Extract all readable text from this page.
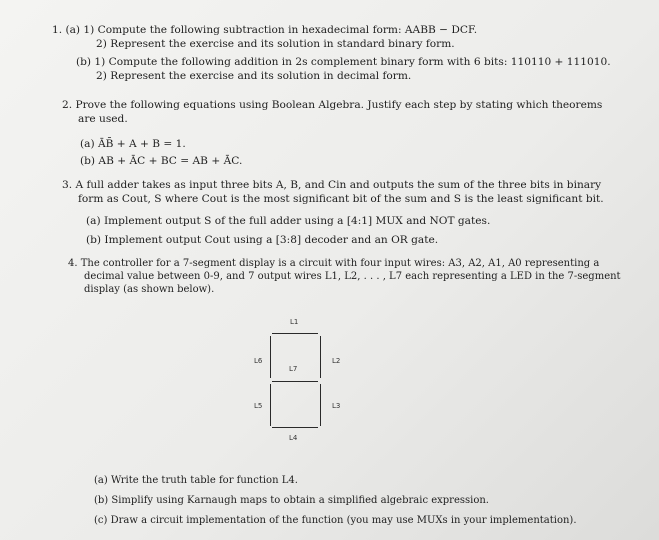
1. (a) 1) Compute the following subtraction in hexadecimal form: AABB − DCF.
2) Represent the exercise and its solution in standard binary form.
(b) 1) Compute the following addition in 2s complement binary form with 6 bits: 110110 + 111010.
2) Represent the exercise and its solution in decimal form.
2. Prove the following equations using Boolean Algebra. Justify each step by stating which theorems
are used.
(a) ĀB̄ + A + B = 1.
(b) AB + ĀC + BC = AB + ĀC.
3. A full adder takes as input three bits A, B, and Cin and outputs the sum of the three bits in binary
form as Cout, S where Cout is the most significant bit of the sum and S is the least significant bit.
(a) Implement output S of the full adder using a [4:1] MUX and NOT gates.
(b) Implement output Cout using a [3:8] decoder and an OR gate.
4. The controller for a 7-segment display is a circuit with four input wires: A3, A2, A1, A0 representing a
decimal value between 0-9, and 7 output wires L1, L2, . . . , L7 each representing a LED in the 7-segment
display (as shown below).
L1
L6	L2
L7
L5	L3
L4
(a) Write the truth table for function L4.
(b) Simplify using Karnaugh maps to obtain a simplified algebraic expression.
(c) Draw a circuit implementation of the function (you may use MUXs in your implementation).
